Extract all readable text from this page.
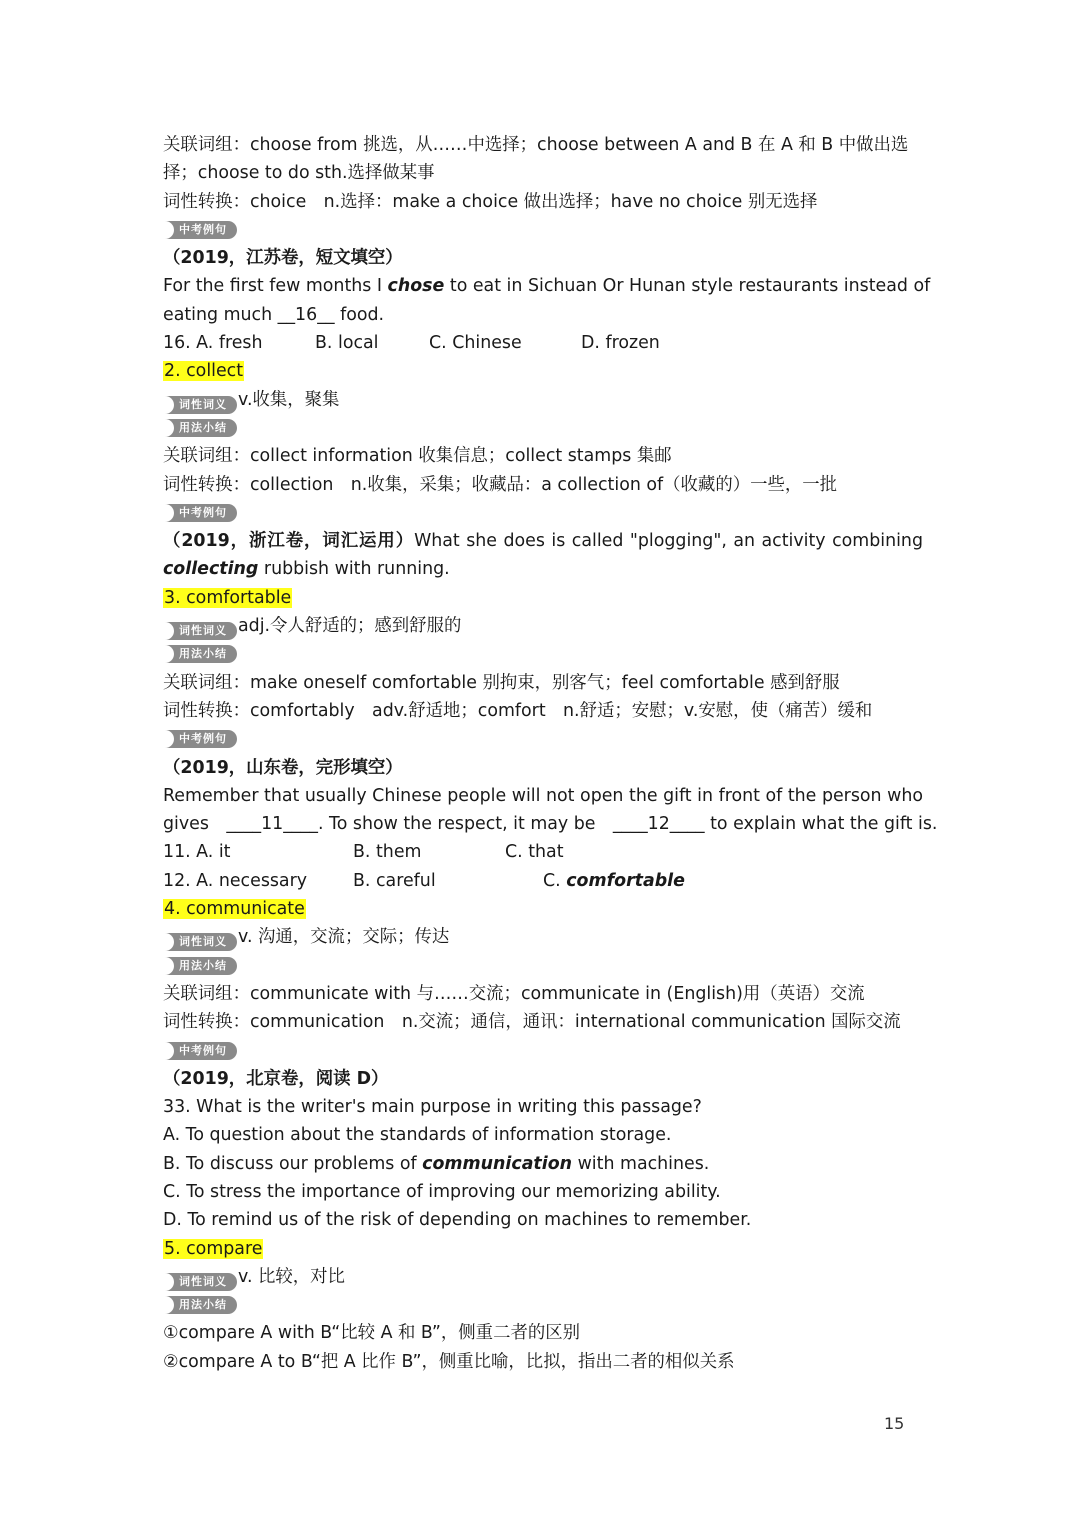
关联词组：choose from 挑选，从……中选择；choose between A and B 在 A 和 B 中做出选
择；choose to do sth.选择做某事
词性转换：choice　n.选择：make a choice 做出选择；have no choice 别无选择
中考例句
（2019，江苏卷，短文填空）
For the first few months I chose to eat in Sichuan Or Hunan style restaurants instead of
eating much __16__ food.
16. A. fresh	B. local	C. Chinese	D. frozen
2. collect
词性词义 v.收集，聚集
用法小结
关联词组：collect information 收集信息；collect stamps 集邮
词性转换：collection　n.收集，采集；收藏品：a collection of（收藏的）一些，一批
中考例句
（2019，浙江卷，词汇运用）What she does is called "plogging", an activity combining
collecting rubbish with running.
3. comfortable
词性词义 adj.令人舒适的；感到舒服的
用法小结
关联词组：make oneself comfortable 别拘束，别客气；feel comfortable 感到舒服
词性转换：comfortably　adv.舒适地；comfort　n.舒适；安慰；v.安慰，使（痛苦）缓和
中考例句
（2019，山东卷，完形填空）
Remember that usually Chinese people will not open the gift in front of the person who
gives　____11____. To show the respect, it may be　____12____ to explain what the gift is.
11. A. it	B. them	C. that
12. A. necessary	B. careful	C. comfortable
4. communicate
词性词义 v. 沟通，交流；交际；传达
用法小结
关联词组：communicate with 与……交流；communicate in (English)用（英语）交流
词性转换：communication　n.交流；通信，通讯：international communication 国际交流
中考例句
（2019，北京卷，阅读 D）
33. What is the writer's main purpose in writing this passage?
A. To question about the standards of information storage.
B. To discuss our problems of communication with machines.
C. To stress the importance of improving our memorizing ability.
D. To remind us of the risk of depending on machines to remember.
5. compare
词性词义 v. 比较，对比
用法小结
①compare A with B“比较 A 和 B”，侧重二者的区别
②compare A to B“把 A 比作 B”，侧重比喻，比拟，指出二者的相似关系
15
